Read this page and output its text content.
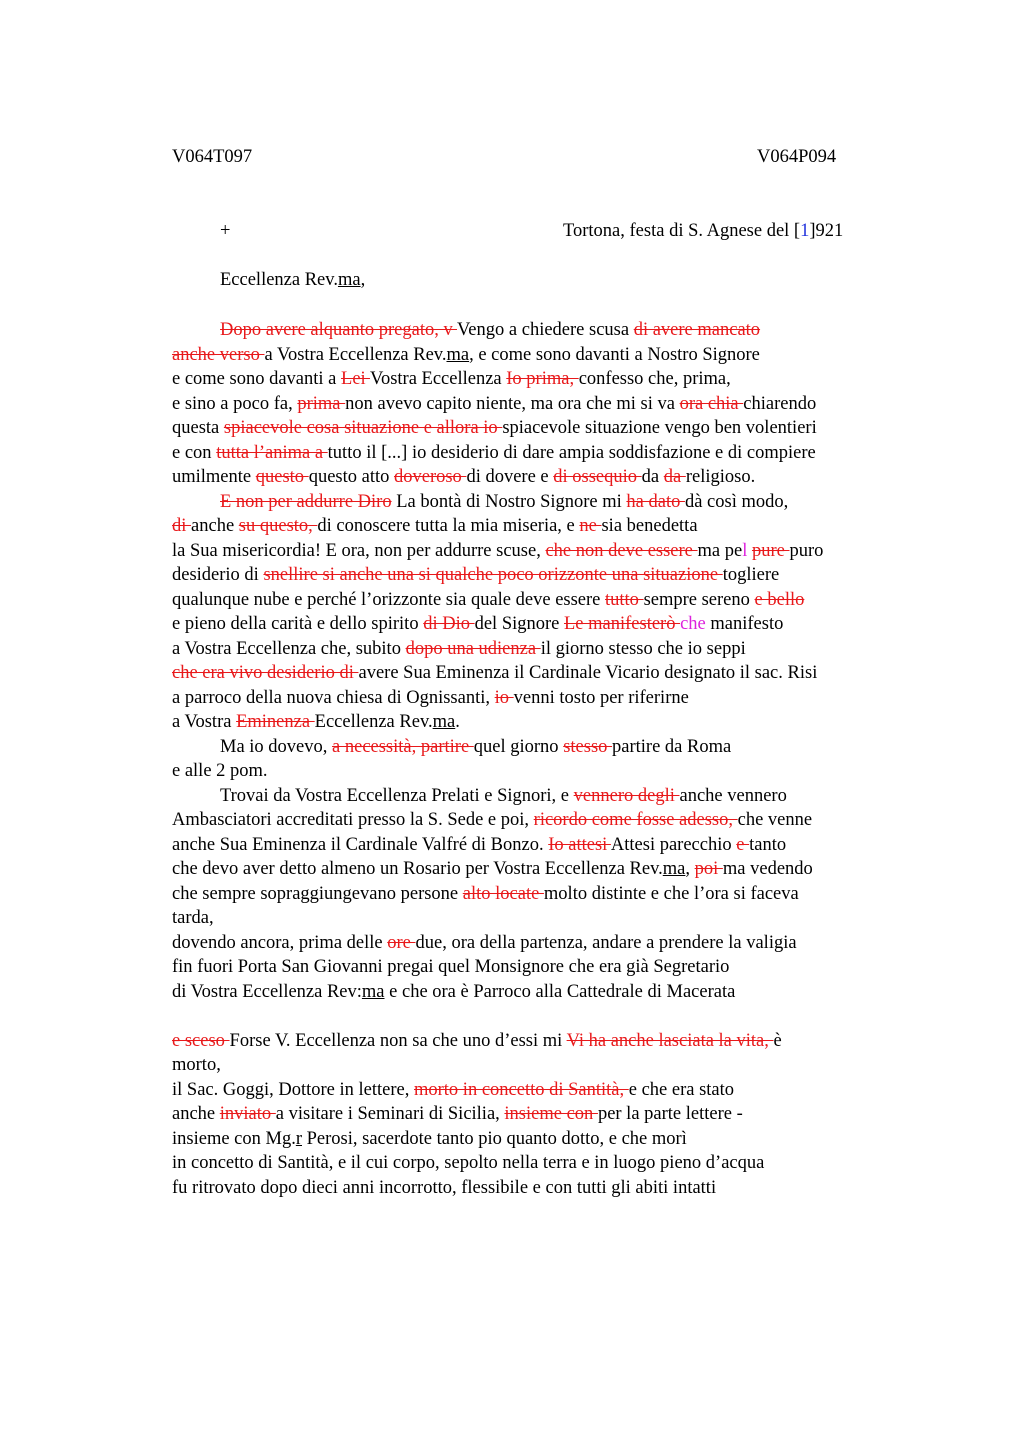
V064T097	V064P094
+	Tortona, festa di S. Agnese del [1]921
Eccellenza Rev.ma,
Dopo avere alquanto pregato, v Vengo a chiedere scusa di avere mancato
anche verso a Vostra Eccellenza Rev.ma, e come sono davanti a Nostro Signore
e come sono davanti a Lei Vostra Eccellenza Io prima, confesso che, prima,
e sino a poco fa, prima non avevo capito niente, ma ora che mi si va ora chia chiarendo
questa spiacevole cosa situazione e allora io spiacevole situazione vengo ben volentieri
e con tutta l’anima a tutto il [...] io desiderio di dare ampia soddisfazione e di compiere
umilmente questo questo atto doveroso di dovere e di ossequio da da religioso.
E non per addurre Diro La bontà di Nostro Signore mi ha dato dà così modo,
di anche su questo, di conoscere tutta la mia miseria, e ne sia benedetta
la Sua misericordia! E ora, non per addurre scuse, che non deve essere ma pel pure puro
desiderio di snellire si anche una si qualche poco orizzonte una situazione togliere
qualunque nube e perché l’orizzonte sia quale deve essere tutto sempre sereno e bello
e pieno della carità e dello spirito di Dio del Signore Le manifesterò che manifesto
a Vostra Eccellenza che, subito dopo una udienza il giorno stesso che io seppi
che era vivo desiderio di avere Sua Eminenza il Cardinale Vicario designato il sac. Risi
a parroco della nuova chiesa di Ognissanti, io venni tosto per riferirne
a Vostra Eminenza Eccellenza Rev.ma.
Ma io dovevo, a necessità, partire quel giorno stesso partire da Roma
e alle 2 pom.
Trovai da Vostra Eccellenza Prelati e Signori, e vennero degli anche vennero
Ambasciatori accreditati presso la S. Sede e poi, ricordo come fosse adesso, che venne
anche Sua Eminenza il Cardinale Valfré di Bonzo. Io attesi Attesi parecchio e tanto
che devo aver detto almeno un Rosario per Vostra Eccellenza Rev.ma, poi ma vedendo
che sempre sopraggiungevano persone alto locate molto distinte e che l’ora si faceva
tarda,
dovendo ancora, prima delle ore due, ora della partenza, andare a prendere la valigia
fin fuori Porta San Giovanni pregai quel Monsignore che era già Segretario
di Vostra Eccellenza Rev:ma e che ora è Parroco alla Cattedrale di Macerata
e sceso Forse V. Eccellenza non sa che uno d’essi mi Vi ha anche lasciata la vita, è
morto,
il Sac. Goggi, Dottore in lettere, morto in concetto di Santità, e che era stato
anche inviato a visitare i Seminari di Sicilia, insieme con per la parte lettere -
insieme con Mg.r Perosi, sacerdote tanto pio quanto dotto, e che morì
in concetto di Santità, e il cui corpo, sepolto nella terra e in luogo pieno d’acqua
fu ritrovato dopo dieci anni incorrotto, flessibile e con tutti gli abiti intatti
